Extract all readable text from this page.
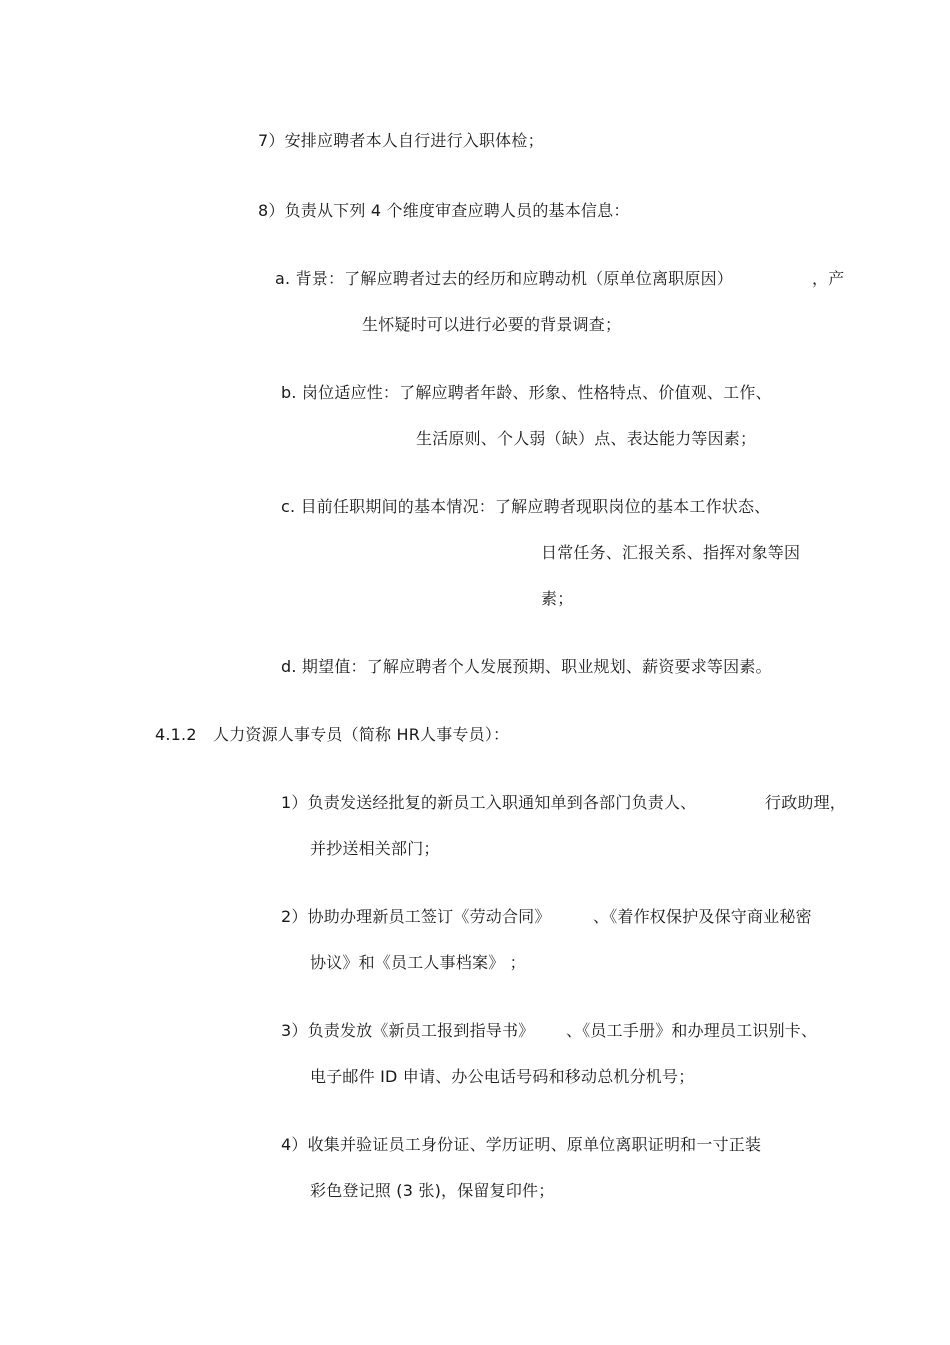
7）安排应聘者本人自行进行入职体检；
8）负责从下列 4 个维度审查应聘人员的基本信息：
a. 背景：了解应聘者过去的经历和应聘动机（原单位离职原因）	，产
生怀疑时可以进行必要的背景调查；
b. 岗位适应性：了解应聘者年龄、形象、性格特点、价值观、工作、
生活原则、个人弱（缺）点、表达能力等因素；
c. 目前任职期间的基本情况：了解应聘者现职岗位的基本工作状态、
日常任务、汇报关系、指挥对象等因
素；
d. 期望值：了解应聘者个人发展预期、职业规划、薪资要求等因素。
4.1.2 人力资源人事专员（简称 HR人事专员）：
1）负责发送经批复的新员工入职通知单到各部门负责人、	行政助理，
并抄送相关部门；
2）协助办理新员工签订《劳动合同》	、《着作权保护及保守商业秘密
协议》和《员工人事档案》 ；
3）负责发放《新员工报到指导书》 、《员工手册》和办理员工识别卡、
电子邮件 ID 申请、办公电话号码和移动总机分机号；
4）收集并验证员工身份证、学历证明、原单位离职证明和一寸正装
彩色登记照 (3 张)，保留复印件；
